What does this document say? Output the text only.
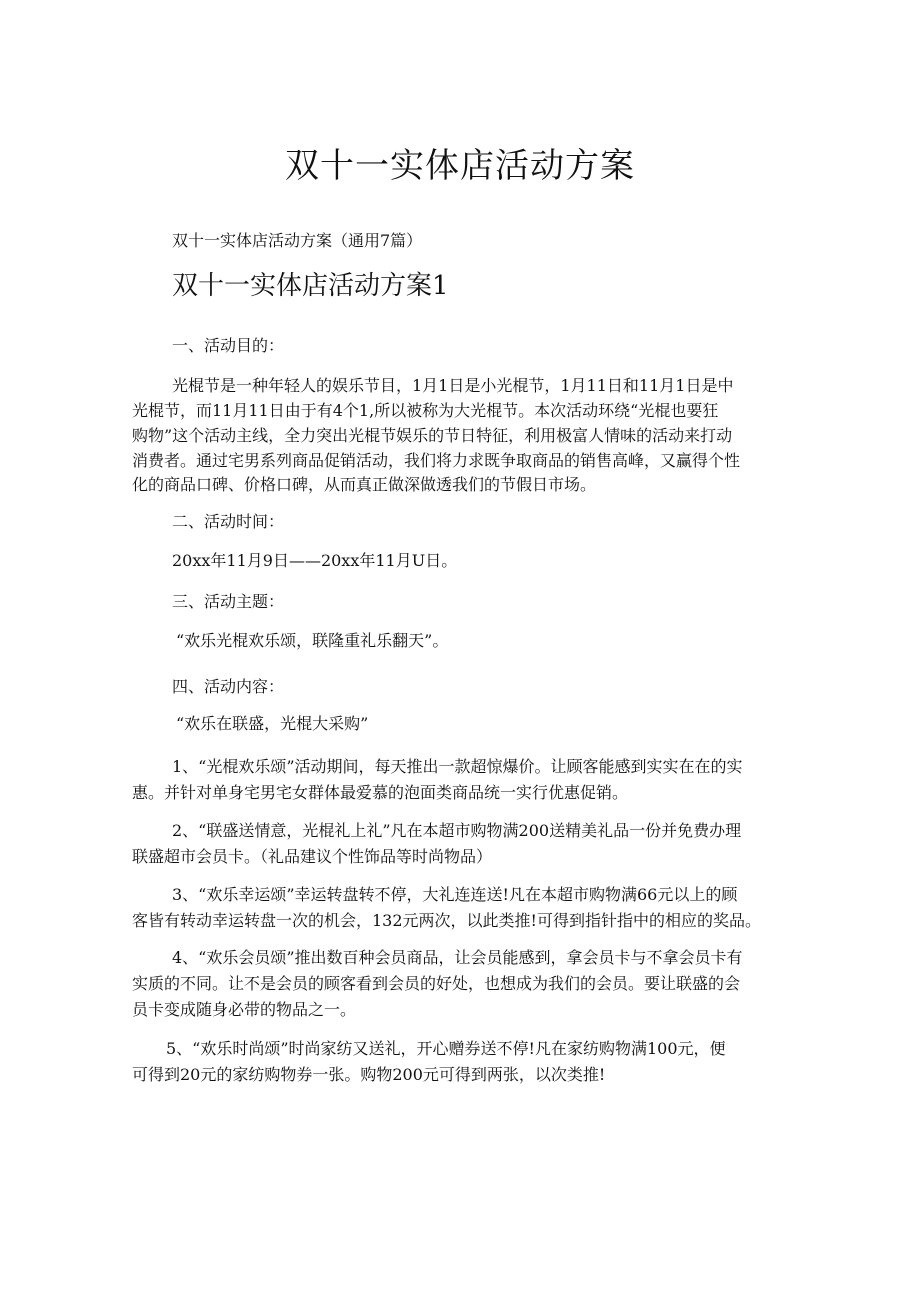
双十一实体店活动方案

双十一实体店活动方案（通用7篇）

双十一实体店活动方案1

一、活动目的：

光棍节是一种年轻人的娱乐节目，1月1日是小光棍节，1月11日和11月1日是中

光棍节，而11月11日由于有4个1,所以被称为大光棍节。本次活动环绕“光棍也要狂

购物”这个活动主线，全力突出光棍节娱乐的节日特征，利用极富人情味的活动来打动

消费者。通过宅男系列商品促销活动，我们将力求既争取商品的销售高峰，又赢得个性

化的商品口碑、价格口碑，从而真正做深做透我们的节假日市场。

二、活动时间：

20xx年11月9日——20xx年11月U日。

三、活动主题：

“欢乐光棍欢乐颂，联隆重礼乐翻天”。

四、活动内容：

“欢乐在联盛，光棍大采购”

1、“光棍欢乐颂”活动期间，每天推出一款超惊爆价。让顾客能感到实实在在的实

惠。并针对单身宅男宅女群体最爱慕的泡面类商品统一实行优惠促销。

2、“联盛送情意，光棍礼上礼”凡在本超市购物满200送精美礼品一份并免费办理

联盛超市会员卡。（礼品建议个性饰品等时尚物品）

3、“欢乐幸运颂”幸运转盘转不停，大礼连连送!凡在本超市购物满66元以上的顾

客皆有转动幸运转盘一次的机会，132元两次，以此类推!可得到指针指中的相应的奖品。

4、“欢乐会员颂”推出数百种会员商品，让会员能感到，拿会员卡与不拿会员卡有

实质的不同。让不是会员的顾客看到会员的好处，也想成为我们的会员。要让联盛的会

员卡变成随身必带的物品之一。

5、“欢乐时尚颂”时尚家纺又送礼，开心赠券送不停!凡在家纺购物满100元，便

可得到20元的家纺购物券一张。购物200元可得到两张，以次类推!
